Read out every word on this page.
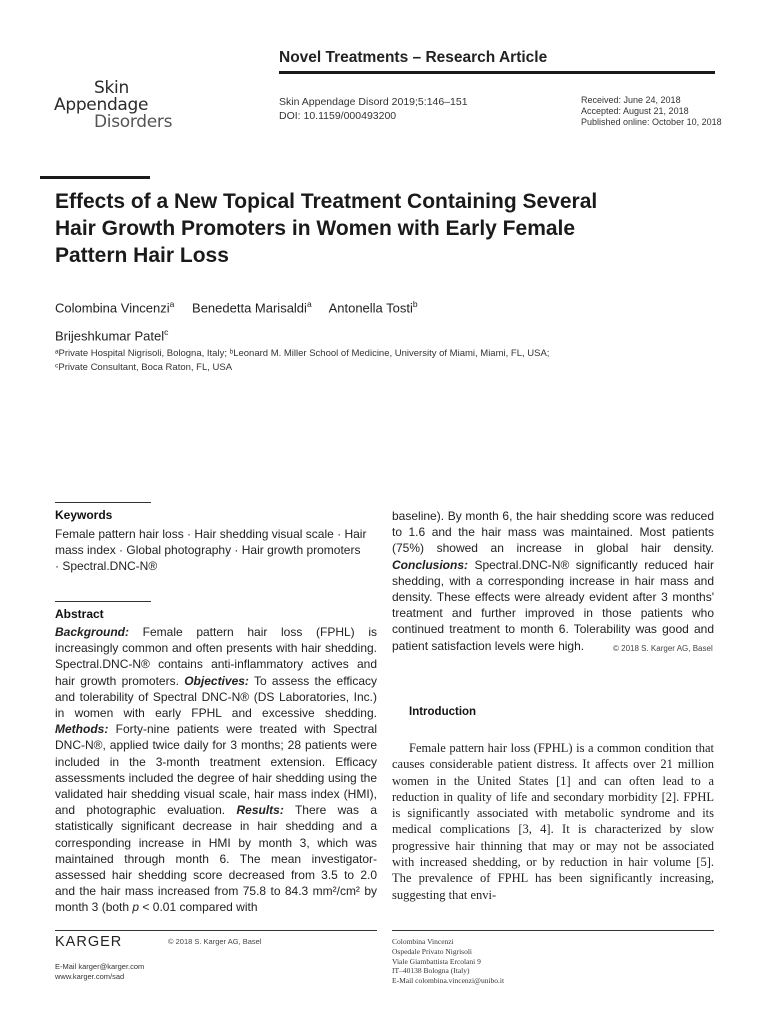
Skin
Appendage
Disorders
Novel Treatments – Research Article
Skin Appendage Disord 2019;5:146–151
DOI: 10.1159/000493200
Received: June 24, 2018
Accepted: August 21, 2018
Published online: October 10, 2018
Effects of a New Topical Treatment Containing Several Hair Growth Promoters in Women with Early Female Pattern Hair Loss
Colombina Vincenzi$^a$ Benedetta Marisaldi$^a$ Antonella Tosti$^b$
Brijeshkumar Patel$^c$
ᵃPrivate Hospital Nigrisoli, Bologna, Italy; ᵇLeonard M. Miller School of Medicine, University of Miami, Miami, FL, USA;
ᶜPrivate Consultant, Boca Raton, FL, USA
Keywords
Female pattern hair loss · Hair shedding visual scale · Hair mass index · Global photography · Hair growth promoters · Spectral.DNC-N®
Abstract
Background: Female pattern hair loss (FPHL) is increasingly common and often presents with hair shedding. Spectral.DNC-N® contains anti-inflammatory actives and hair growth promoters. Objectives: To assess the efficacy and tolerability of Spectral DNC-N® (DS Laboratories, Inc.) in women with early FPHL and excessive shedding. Methods: Forty-nine patients were treated with Spectral DNC-N®, applied twice daily for 3 months; 28 patients were included in the 3-month treatment extension. Efficacy assessments included the degree of hair shedding using the validated hair shedding visual scale, hair mass index (HMI), and photographic evaluation. Results: There was a statistically significant decrease in hair shedding and a corresponding increase in HMI by month 3, which was maintained through month 6. The mean investigator-assessed hair shedding score decreased from 3.5 to 2.0 and the hair mass increased from 75.8 to 84.3 mm²/cm² by month 3 (both p < 0.01 compared with
baseline). By month 6, the hair shedding score was reduced to 1.6 and the hair mass was maintained. Most patients (75%) showed an increase in global hair density. Conclusions: Spectral.DNC-N® significantly reduced hair shedding, with a corresponding increase in hair mass and density. These effects were already evident after 3 months' treatment and further improved in those patients who continued treatment to month 6. Tolerability was good and patient satisfaction levels were high.	© 2018 S. Karger AG, Basel
Introduction
Female pattern hair loss (FPHL) is a common condition that causes considerable patient distress. It affects over 21 million women in the United States [1] and can often lead to a reduction in quality of life and secondary morbidity [2]. FPHL is significantly associated with metabolic syndrome and its medical complications [3, 4]. It is characterized by slow progressive hair thinning that may or may not be associated with increased shedding, or by reduction in hair volume [5]. The prevalence of FPHL has been significantly increasing, suggesting that envi-
KARGER	© 2018 S. Karger AG, Basel
E-Mail karger@karger.com
www.karger.com/sad
Colombina Vincenzi
Ospedale Privato Nigrisoli
Viale Giambattista Ercolani 9
IT–40138 Bologna (Italy)
E-Mail colombina.vincenzi@unibo.it
